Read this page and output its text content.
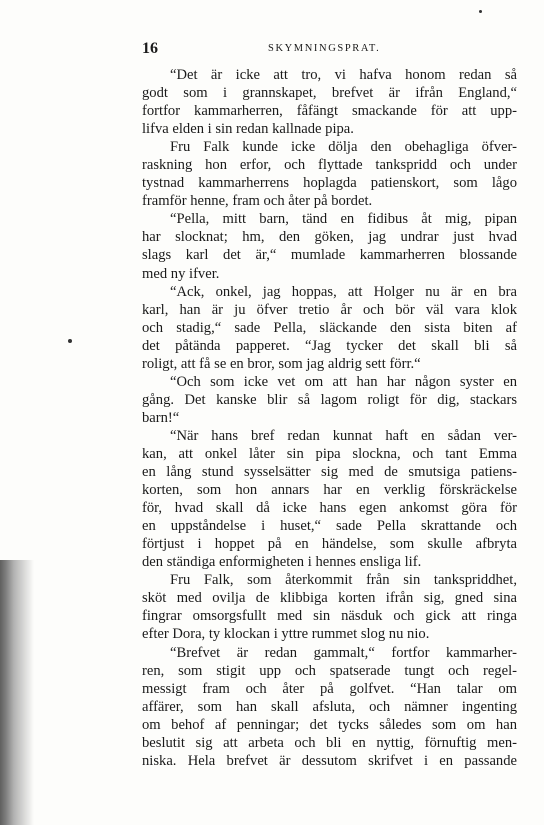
16	SKYMNINGSPRAT.
“Det är icke att tro, vi hafva honom redan så
godt som i grannskapet, brefvet är ifrån England,“
fortfor kammarherren, fåfängt smackande för att upp-
lifva elden i sin redan kallnade pipa.
Fru Falk kunde icke dölja den obehagliga öfver-
raskning hon erfor, och flyttade tankspridd och under
tystnad kammarherrens hoplagda patienskort, som lågo
framför henne, fram och åter på bordet.
“Pella, mitt barn, tänd en fidibus åt mig, pipan
har slocknat; hm, den göken, jag undrar just hvad
slags karl det är,“ mumlade kammarherren blossande
med ny ifver.
“Ack, onkel, jag hoppas, att Holger nu är en bra
karl, han är ju öfver tretio år och bör väl vara klok
och stadig,“ sade Pella, släckande den sista biten af
det påtända papperet. “Jag tycker det skall bli så
roligt, att få se en bror, som jag aldrig sett förr.“
“Och som icke vet om att han har någon syster en
gång. Det kanske blir så lagom roligt för dig, stackars
barn!“
“När hans bref redan kunnat haft en sådan ver-
kan, att onkel låter sin pipa slockna, och tant Emma
en lång stund sysselsätter sig med de smutsiga patiens-
korten, som hon annars har en verklig förskräckelse
för, hvad skall då icke hans egen ankomst göra för
en uppståndelse i huset,“ sade Pella skrattande och
förtjust i hoppet på en händelse, som skulle afbryta
den ständiga enformigheten i hennes ensliga lif.
Fru Falk, som återkommit från sin tankspriddhet,
sköt med ovilja de klibbiga korten ifrån sig, gned sina
fingrar omsorgsfullt med sin näsduk och gick att ringa
efter Dora, ty klockan i yttre rummet slog nu nio.
“Brefvet är redan gammalt,“ fortfor kammarher-
ren, som stigit upp och spatserade tungt och regel-
messigt fram och åter på golfvet. “Han talar om
affärer, som han skall afsluta, och nämner ingenting
om behof af penningar; det tycks således som om han
beslutit sig att arbeta och bli en nyttig, förnuftig men-
niska. Hela brefvet är dessutom skrifvet i en passande
